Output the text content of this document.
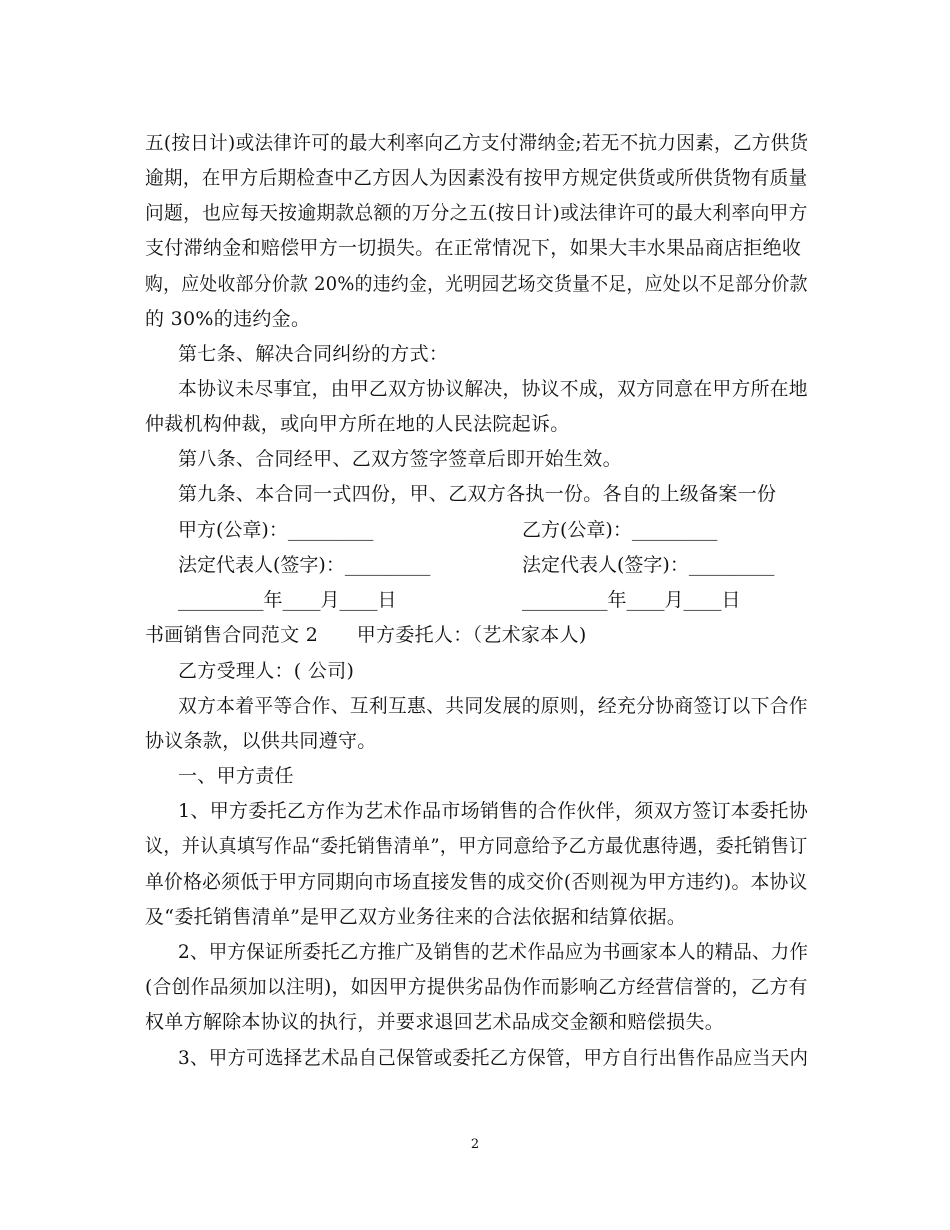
五(按日计)或法律许可的最大利率向乙方支付滞纳金;若无不抗力因素，乙方供货
逾期，在甲方后期检查中乙方因人为因素没有按甲方规定供货或所供货物有质量
问题，也应每天按逾期款总额的万分之五(按日计)或法律许可的最大利率向甲方
支付滞纳金和赔偿甲方一切损失。在正常情况下，如果大丰水果品商店拒绝收
购，应处收部分价款 20%的违约金，光明园艺场交货量不足，应处以不足部分价款
的 30%的违约金。
第七条、解决合同纠纷的方式：
本协议未尽事宜，由甲乙双方协议解决，协议不成，双方同意在甲方所在地
仲裁机构仲裁，或向甲方所在地的人民法院起诉。
第八条、合同经甲、乙双方签字签章后即开始生效。
第九条、本合同一式四份，甲、乙双方各执一份。各自的上级备案一份
甲方(公章)：_________	乙方(公章)：_________
法定代表人(签字)：_________	法定代表人(签字)：_________
_________年____月____日	_________年____月____日
书画销售合同范文 2　　甲方委托人：（艺术家本人)
乙方受理人：( 公司)
双方本着平等合作、互利互惠、共同发展的原则，经充分协商签订以下合作
协议条款，以供共同遵守。
一、甲方责任
1、甲方委托乙方作为艺术作品市场销售的合作伙伴，须双方签订本委托协
议，并认真填写作品“委托销售清单”，甲方同意给予乙方最优惠待遇，委托销售订
单价格必须低于甲方同期向市场直接发售的成交价(否则视为甲方违约)。本协议
及“委托销售清单”是甲乙双方业务往来的合法依据和结算依据。
2、甲方保证所委托乙方推广及销售的艺术作品应为书画家本人的精品、力作
(合创作品须加以注明)，如因甲方提供劣品伪作而影响乙方经营信誉的，乙方有
权单方解除本协议的执行，并要求退回艺术品成交金额和赔偿损失。
3、甲方可选择艺术品自己保管或委托乙方保管，甲方自行出售作品应当天内
2
